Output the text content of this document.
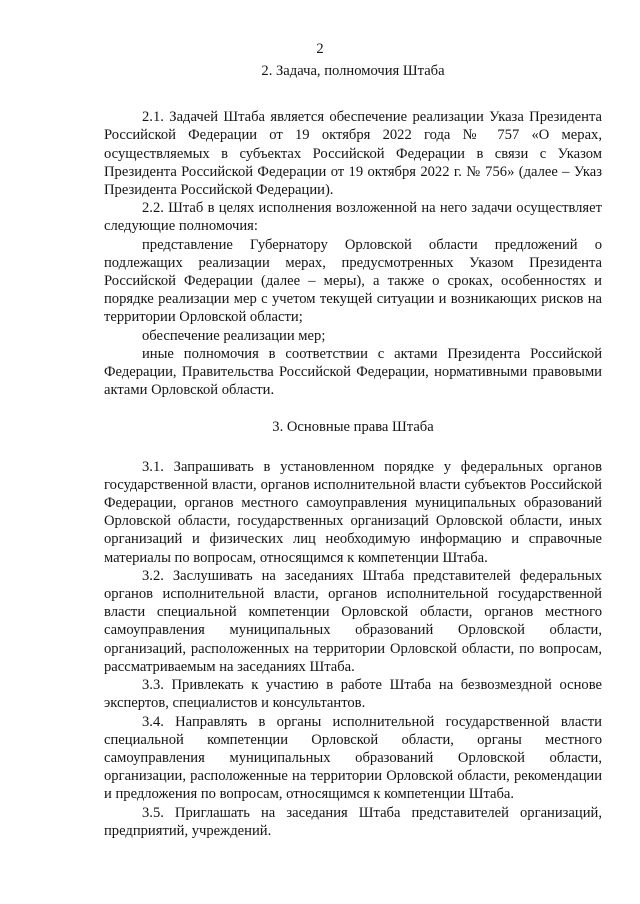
2

2. Задача, полномочия Штаба

2.1. Задачей Штаба является обеспечение реализации Указа Президента Российской Федерации от 19 октября 2022 года № 757 «О мерах, осуществляемых в субъектах Российской Федерации в связи с Указом Президента Российской Федерации от 19 октября 2022 г. № 756» (далее – Указ Президента Российской Федерации).

2.2. Штаб в целях исполнения возложенной на него задачи осуществляет следующие полномочия:

представление Губернатору Орловской области предложений о подлежащих реализации мерах, предусмотренных Указом Президента Российской Федерации (далее – меры), а также о сроках, особенностях и порядке реализации мер с учетом текущей ситуации и возникающих рисков на территории Орловской области;

обеспечение реализации мер;

иные полномочия в соответствии с актами Президента Российской Федерации, Правительства Российской Федерации, нормативными правовыми актами Орловской области.

3. Основные права Штаба

3.1. Запрашивать в установленном порядке у федеральных органов государственной власти, органов исполнительной власти субъектов Российской Федерации, органов местного самоуправления муниципальных образований Орловской области, государственных организаций Орловской области, иных организаций и физических лиц необходимую информацию и справочные материалы по вопросам, относящимся к компетенции Штаба.

3.2. Заслушивать на заседаниях Штаба представителей федеральных органов исполнительной власти, органов исполнительной государственной власти специальной компетенции Орловской области, органов местного самоуправления муниципальных образований Орловской области, организаций, расположенных на территории Орловской области, по вопросам, рассматриваемым на заседаниях Штаба.

3.3. Привлекать к участию в работе Штаба на безвозмездной основе экспертов, специалистов и консультантов.

3.4. Направлять в органы исполнительной государственной власти специальной компетенции Орловской области, органы местного самоуправления муниципальных образований Орловской области, организации, расположенные на территории Орловской области, рекомендации и предложения по вопросам, относящимся к компетенции Штаба.

3.5. Приглашать на заседания Штаба представителей организаций, предприятий, учреждений.
